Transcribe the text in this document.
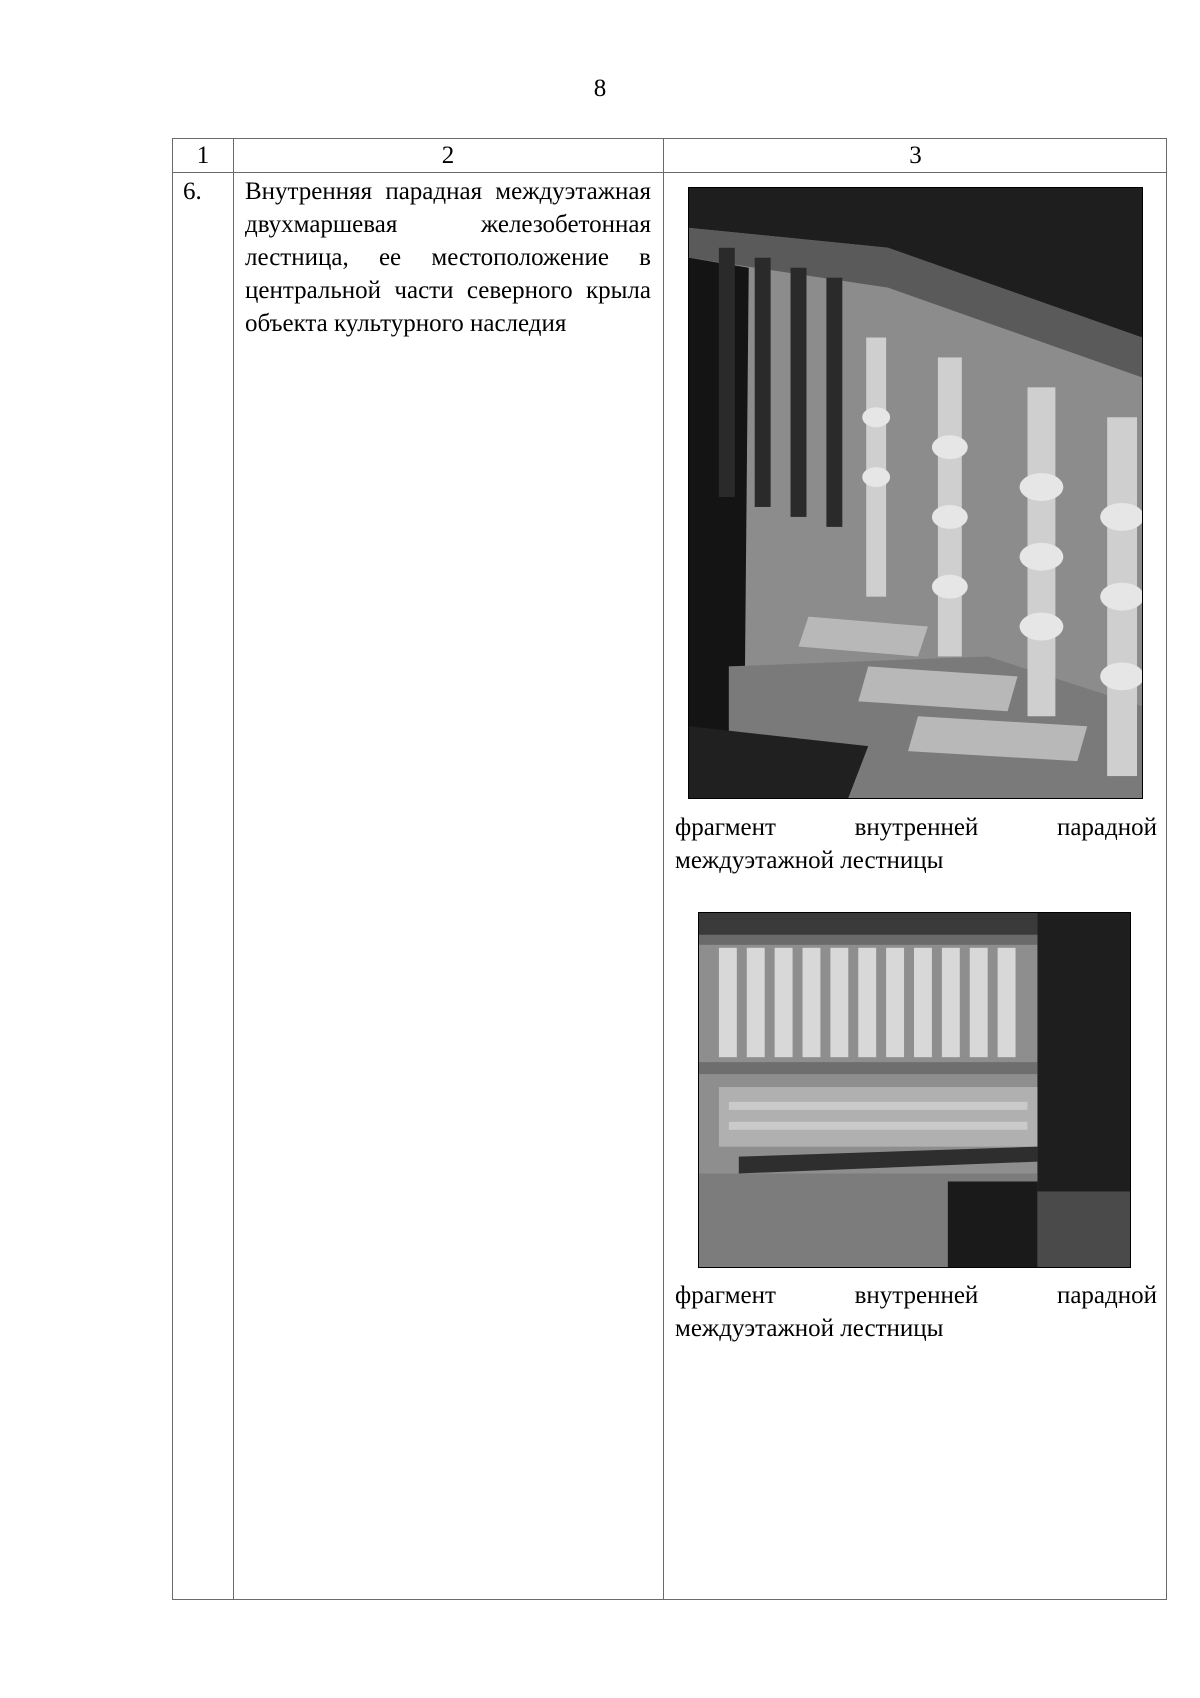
8
1	2	3
6. Внутренняя парадная междуэтажная двухмаршевая железобетонная лестница, ее местоположение в центральной части северного крыла объекта культурного наследия
фрагмент внутренней парадной междуэтажной лестницы
фрагмент внутренней парадной междуэтажной лестницы
